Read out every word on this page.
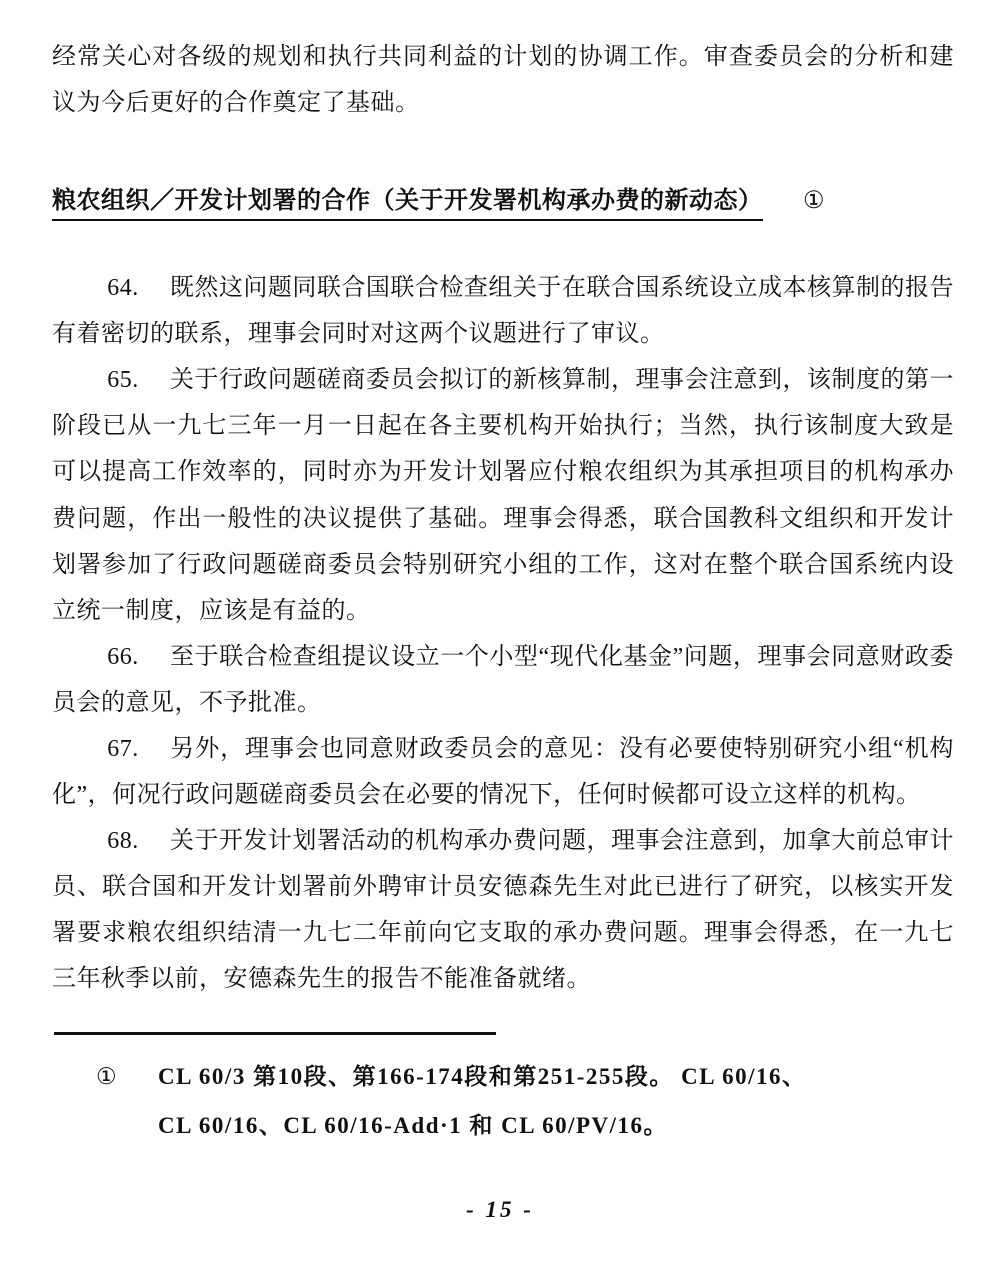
经常关心对各级的规划和执行共同利益的计划的协调工作。审查委员会的分析和建议为今后更好的合作奠定了基础。

粮农组织／开发计划署的合作（关于开发署机构承办费的新动态） ①

64. 既然这问题同联合国联合检查组关于在联合国系统设立成本核算制的报告有着密切的联系，理事会同时对这两个议题进行了审议。

65. 关于行政问题磋商委员会拟订的新核算制，理事会注意到，该制度的第一阶段已从一九七三年一月一日起在各主要机构开始执行；当然，执行该制度大致是可以提高工作效率的，同时亦为开发计划署应付粮农组织为其承担项目的机构承办费问题，作出一般性的决议提供了基础。理事会得悉，联合国教科文组织和开发计划署参加了行政问题磋商委员会特别研究小组的工作，这对在整个联合国系统内设立统一制度，应该是有益的。

66. 至于联合检查组提议设立一个小型“现代化基金”问题，理事会同意财政委员会的意见，不予批准。

67. 另外，理事会也同意财政委员会的意见：没有必要使特别研究小组“机构化”，何况行政问题磋商委员会在必要的情况下，任何时候都可设立这样的机构。

68. 关于开发计划署活动的机构承办费问题，理事会注意到，加拿大前总审计员、联合国和开发计划署前外聘审计员安德森先生对此已进行了研究，以核实开发署要求粮农组织结清一九七二年前向它支取的承办费问题。理事会得悉，在一九七三年秋季以前，安德森先生的报告不能准备就绪。

①	CL 60/3 第10段、第166-174段和第251-255段。 CL 60/16、
CL 60/16、CL 60/16-Add·1 和 CL 60/PV/16。
- 15 -
